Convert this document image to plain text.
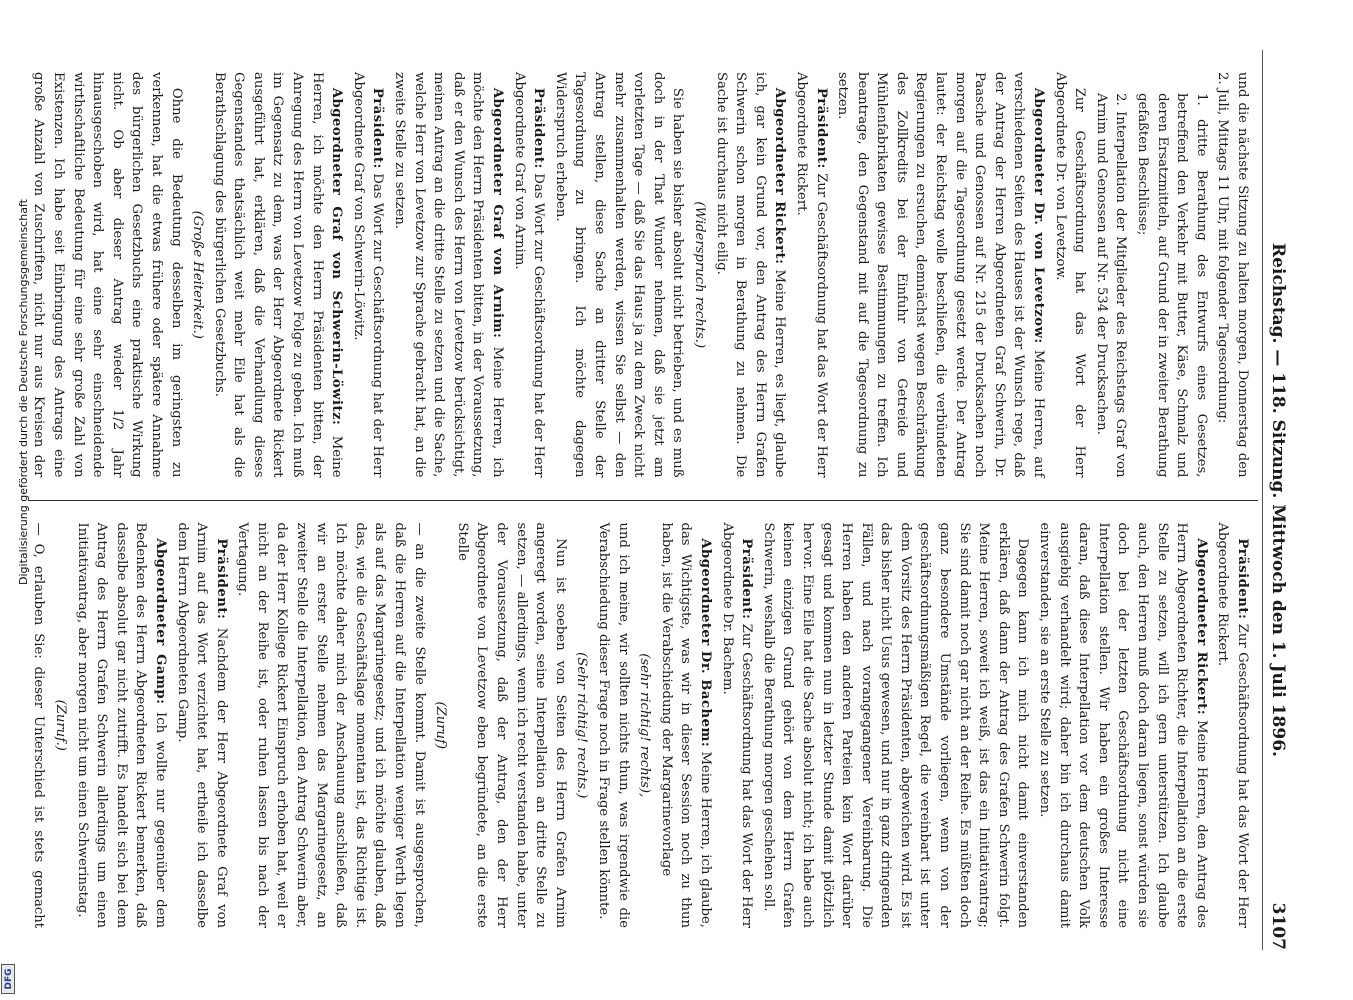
Reichstag. — 118. Sitzung. Mittwoch den 1. Juli 1896.
3107

und die nächste Sitzung zu halten morgen, Donnerstag den 2. Juli, Mittags 11 Uhr, mit folgender Tagesordnung:

1. dritte Berathung des Entwurfs eines Gesetzes, betreffend den Verkehr mit Butter, Käse, Schmalz und deren Ersatzmitteln, auf Grund der in zweiter Berathung gefaßten Beschlüsse;

2. Interpellation der Mitglieder des Reichstags Graf von Arnim und Genossen auf Nr. 534 der Drucksachen.

Zur Geschäftsordnung hat das Wort der Herr Abgeordnete Dr. von Levetzow.

Abgeordneter Dr. von Levetzow: Meine Herren, auf verschiedenen Seiten des Hauses ist der Wunsch rege, daß der Antrag der Herren Abgeordneten Graf Schwerin, Dr. Paasche und Genossen auf Nr. 215 der Drucksachen noch morgen auf die Tagesordnung gesetzt werde. Der Antrag lautet: der Reichstag wolle beschließen, die verbündeten Regierungen zu ersuchen, demnächst wegen Beschränkung des Zollkredits bei der Einfuhr von Getreide und Mühlenfabrikaten gewisse Bestimmungen zu treffen. Ich beantrage, den Gegenstand mit auf die Tagesordnung zu setzen.

Präsident: Zur Geschäftsordnung hat das Wort der Herr Abgeordnete Rickert.

Abgeordneter Rickert: Meine Herren, es liegt, glaube ich, gar kein Grund vor, den Antrag des Herrn Grafen Schwerin schon morgen in Berathung zu nehmen. Die Sache ist durchaus nicht eilig.

(Widerspruch rechts.)

Sie haben sie bisher absolut nicht betrieben, und es muß doch in der That Wunder nehmen, daß sie jetzt am vorletzten Tage — daß Sie das Haus ja zu dem Zweck nicht mehr zusammenhalten werden, wissen Sie selbst — den Antrag stellen, diese Sache an dritter Stelle der Tagesordnung zu bringen. Ich möchte dagegen Widerspruch erheben.

Präsident: Das Wort zur Geschäftsordnung hat der Herr Abgeordnete Graf von Arnim.

Abgeordneter Graf von Arnim: Meine Herren, ich möchte den Herrn Präsidenten bitten, in der Voraussetzung, daß er den Wunsch des Herrn von Levetzow berücksichtigt, meinen Antrag an die dritte Stelle zu setzen und die Sache, welche Herr von Levetzow zur Sprache gebracht hat, an die zweite Stelle zu setzen.

Präsident: Das Wort zur Geschäftsordnung hat der Herr Abgeordnete Graf von Schwerin-Löwitz.

Abgeordneter Graf von Schwerin-Löwitz: Meine Herren, ich möchte den Herrn Präsidenten bitten, der Anregung des Herrn von Levetzow Folge zu geben. Ich muß im Gegensatz zu dem, was der Herr Abgeordnete Rickert ausgeführt hat, erklären, daß die Verhandlung dieses Gegenstandes thatsächlich weit mehr Eile hat als die Berathschlagung des bürgerlichen Gesetzbuchs.

(Große Heiterkeit.)

Ohne die Bedeutung desselben im geringsten zu verkennen, hat die etwas frühere oder spätere Annahme des bürgerlichen Gesetzbuchs eine praktische Wirkung nicht. Ob aber dieser Antrag wieder 1/2 Jahr hinausgeschoben wird, hat eine sehr einschneidende wirthschaftliche Bedeutung für eine sehr große Zahl von Existenzen. Ich habe seit Einbringung des Antrags eine große Anzahl von Zuschriften, nicht nur aus Kreisen der

Präsident: Zur Geschäftsordnung hat das Wort der Herr Abgeordnete Rickert.

Abgeordneter Rickert: Meine Herren, den Antrag des Herrn Abgeordneten Richter, die Interpellation an die erste Stelle zu setzen, will ich gern unterstützen. Ich glaube auch, den Herren muß doch daran liegen, sonst würden sie doch bei der letzten Geschäftsordnung nicht eine Interpellation stellen. Wir haben ein großes Interesse daran, daß diese Interpellation vor dem deutschen Volk ausgiebig verhandelt wird; daher bin ich durchaus damit einverstanden, sie an erste Stelle zu setzen.

Dagegen kann ich mich nicht damit einverstanden erklären, daß dann der Antrag des Grafen Schwerin folgt. Meine Herren, soweit ich weiß, ist das ein Initiativantrag; Sie sind damit noch gar nicht an der Reihe. Es müßten doch ganz besondere Umstände vorliegen, wenn von der geschäftsordnungsmäßigen Regel, die vereinbart ist unter dem Vorsitz des Herrn Präsidenten, abgewichen wird. Es ist das bisher nicht Usus gewesen, und nur in ganz dringenden Fällen, und nach vorangegangener Vereinbarung. Die Herren haben den anderen Parteien kein Wort darüber gesagt und kommen nun in letzter Stunde damit plötzlich hervor. Eine Eile hat die Sache absolut nicht; ich habe auch keinen einzigen Grund gehört von dem Herrn Grafen Schwerin, weshalb die Berathung morgen geschehen soll.

Präsident: Zur Geschäftsordnung hat das Wort der Herr Abgeordnete Dr. Bachem.

Abgeordneter Dr. Bachem: Meine Herren, ich glaube, das Wichtigste, was wir in dieser Session noch zu thun haben, ist die Verabschiedung der Margarinevorlage

(sehr richtig! rechts),

und ich meine, wir sollten nichts thun, was irgendwie die Verabschiedung dieser Frage noch in Frage stellen könnte.

(Sehr richtig! rechts.)

Nun ist soeben von Seiten des Herrn Grafen Arnim angeregt worden, seine Interpellation an dritte Stelle zu setzen, — allerdings, wenn ich recht verstanden habe, unter der Voraussetzung, daß der Antrag, den der Herr Abgeordnete von Levetzow eben begründete, an die erste Stelle

(Zuruf)

— an die zweite Stelle kommt. Damit ist ausgesprochen, daß die Herren auf die Interpellation weniger Werth legen als auf das Margarinegesetz; und ich möchte glauben, daß das, wie die Geschäftslage momentan ist, das Richtige ist. Ich möchte daher mich der Anschauung anschließen, daß wir an erster Stelle nehmen das Margarinegesetz, an zweiter Stelle die Interpellation, den Antrag Schwerin aber, da der Herr Kollege Rickert Einspruch erhoben hat, weil er nicht an der Reihe ist, oder ruhen lassen bis nach der Vertagung.

Präsident: Nachdem der Herr Abgeordnete Graf von Arnim auf das Wort verzichtet hat, ertheile ich dasselbe dem Herrn Abgeordneten Gamp.

Abgeordneter Gamp: Ich wollte nur gegenüber dem Bedenken des Herrn Abgeordneten Rickert bemerken, daß dasselbe absolut gar nicht zutrifft. Es handelt sich bei dem Antrag des Herrn Grafen Schwerin allerdings um einen Initiativantrag, aber morgen nicht um einen Schwerinstag.

(Zuruf.)

— O, erlauben Sie: dieser Unterschied ist stets gemacht

Digitalisierung gefördert durch die Deutsche Forschungsgemeinschaft
DFG
